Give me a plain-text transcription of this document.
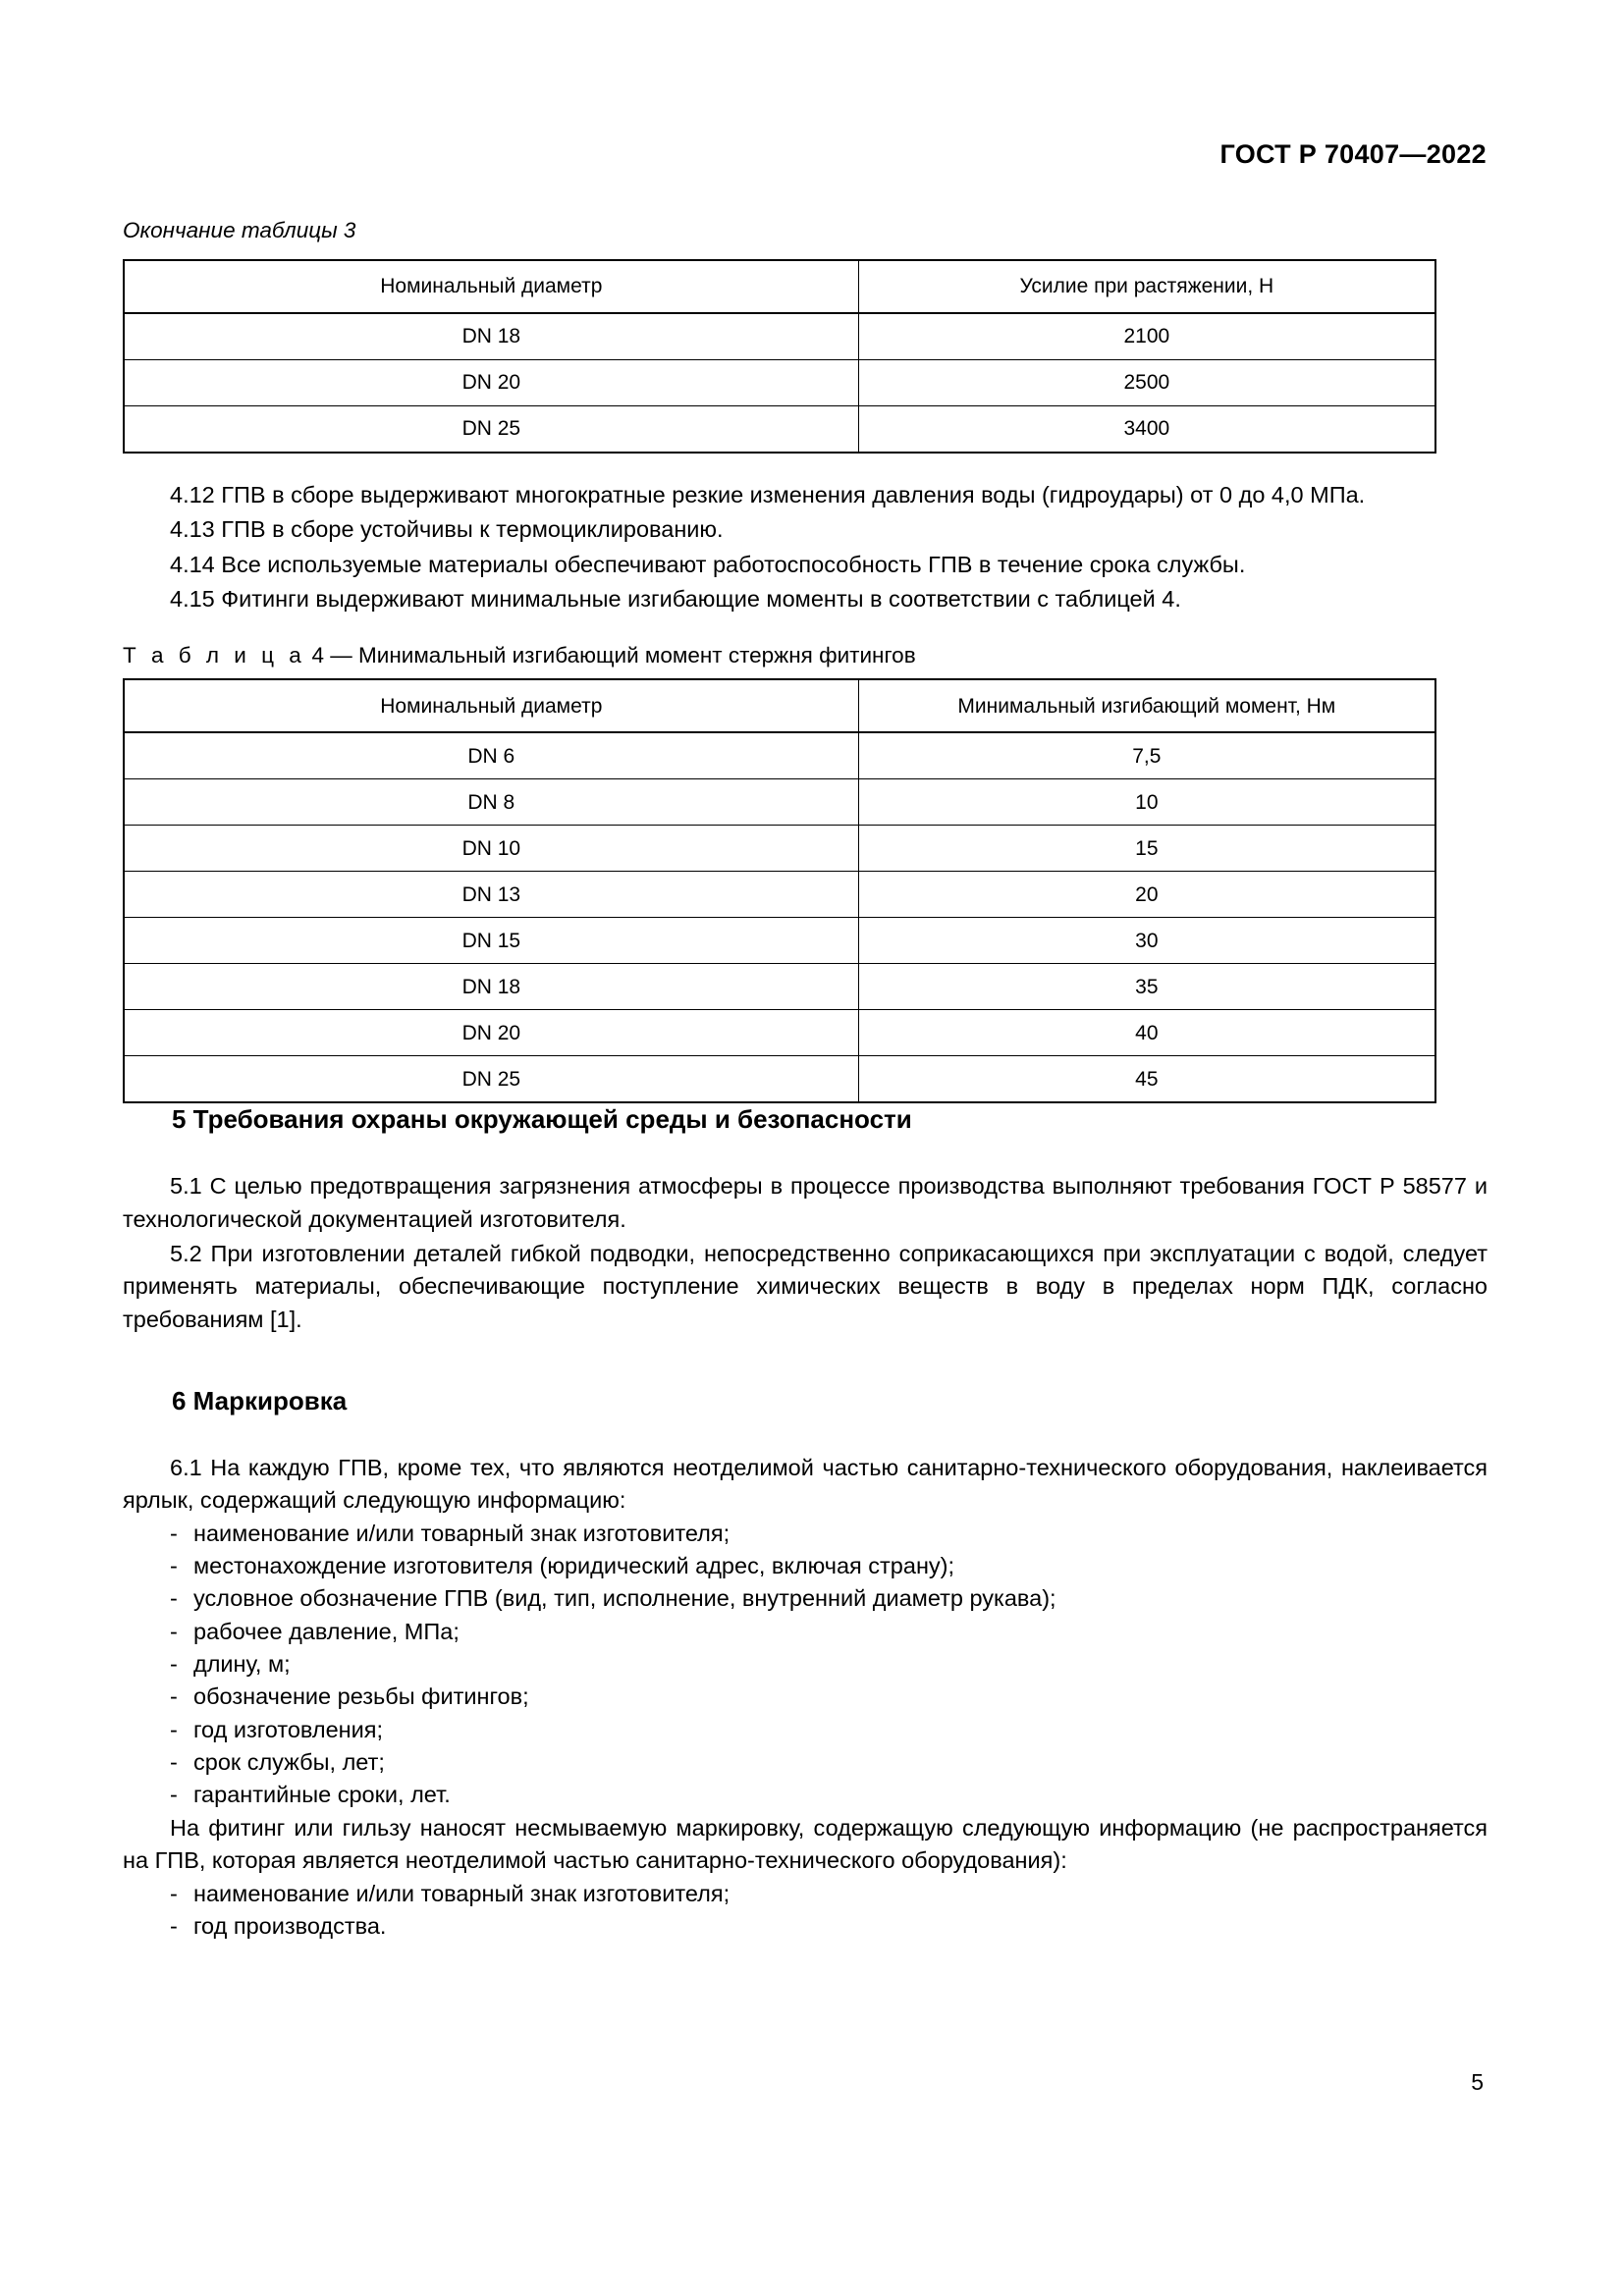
ГОСТ Р 70407—2022

Окончание таблицы 3

Номинальный диаметр	Усилие при растяжении, Н
DN 18	2100
DN 20	2500
DN 25	3400

4.12 ГПВ в сборе выдерживают многократные резкие изменения давления воды (гидроудары) от 0 до 4,0 МПа.

4.13 ГПВ в сборе устойчивы к термоциклированию.

4.14 Все используемые материалы обеспечивают работоспособность ГПВ в течение срока службы.

4.15 Фитинги выдерживают минимальные изгибающие моменты в соответствии с таблицей 4.

Т а б л и ц а 4 — Минимальный изгибающий момент стержня фитингов

Номинальный диаметр	Минимальный изгибающий момент, Нм
DN 6	7,5
DN 8	10
DN 10	15
DN 13	20
DN 15	30
DN 18	35
DN 20	40
DN 25	45
5 Требования охраны окружающей среды и безопасности

5.1 С целью предотвращения загрязнения атмосферы в процессе производства выполняют требования ГОСТ Р 58577 и технологической документацией изготовителя.

5.2 При изготовлении деталей гибкой подводки, непосредственно соприкасающихся при эксплуатации с водой, следует применять материалы, обеспечивающие поступление химических веществ в воду в пределах норм ПДК, согласно требованиям [1].

6 Маркировка

6.1 На каждую ГПВ, кроме тех, что являются неотделимой частью санитарно-технического оборудования, наклеивается ярлык, содержащий следующую информацию:

- наименование и/или товарный знак изготовителя;
- местонахождение изготовителя (юридический адрес, включая страну);
- условное обозначение ГПВ (вид, тип, исполнение, внутренний диаметр рукава);
- рабочее давление, МПа;
- длину, м;
- обозначение резьбы фитингов;
- год изготовления;
- срок службы, лет;
- гарантийные сроки, лет.

На фитинг или гильзу наносят несмываемую маркировку, содержащую следующую информацию (не распространяется на ГПВ, которая является неотделимой частью санитарно-технического оборудования):

- наименование и/или товарный знак изготовителя;
- год производства.
5
